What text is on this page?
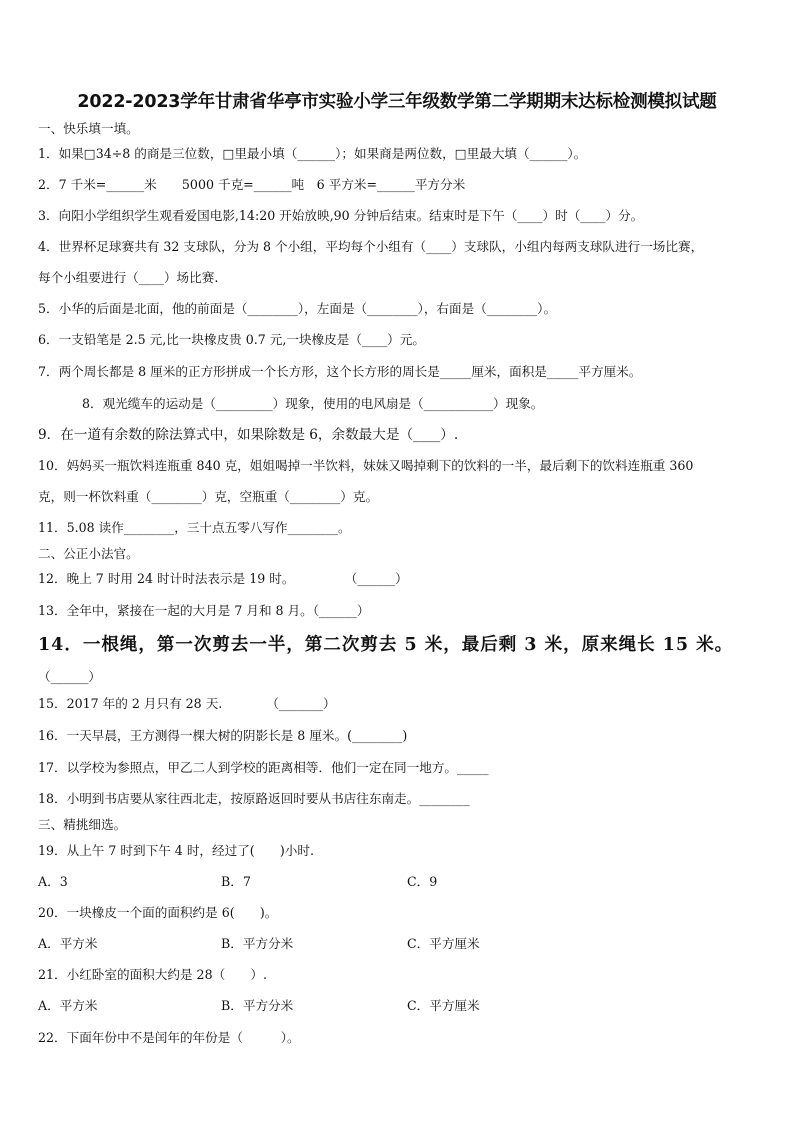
2022-2023学年甘肃省华亭市实验小学三年级数学第二学期期末达标检测模拟试题
一、快乐填一填。
1．如果□34÷8 的商是三位数，□里最小填（______）；如果商是两位数，□里最大填（______）。
2．7 千米=______米　　5000 千克=______吨　6 平方米=______平方分米
3．向阳小学组织学生观看爱国电影,14:20 开始放映,90 分钟后结束。结束时是下午（____）时（____）分。
4．世界杯足球赛共有 32 支球队，分为 8 个小组，平均每个小组有（____）支球队，小组内每两支球队进行一场比赛，
每个小组要进行（____）场比赛.
5．小华的后面是北面，他的前面是（________），左面是（________），右面是（________）。
6．一支铅笔是 2.5 元,比一块橡皮贵 0.7 元,一块橡皮是（____）元。
7．两个周长都是 8 厘米的正方形拼成一个长方形，这个长方形的周长是_____厘米，面积是_____平方厘米。
8．观光缆车的运动是（_________）现象，使用的电风扇是（___________）现象。
9．在一道有余数的除法算式中，如果除数是 6，余数最大是（____）.
10．妈妈买一瓶饮料连瓶重 840 克，姐姐喝掉一半饮料，妹妹又喝掉剩下的饮料的一半，最后剩下的饮料连瓶重 360
克，则一杯饮料重（________）克，空瓶重（________）克。
11．5.08 读作________，三十点五零八写作________。
二、公正小法官。
12．晚上 7 时用 24 时计时法表示是 19 时。　　　　　（______）
13．全年中，紧接在一起的大月是 7 月和 8 月。（______）
14．一根绳，第一次剪去一半，第二次剪去 5 米，最后剩 3 米，原来绳长 15 米。
（______）
15．2017 年的 2 月只有 28 天.　　　　（_______）
16．一天早晨，王方测得一棵大树的阴影长是 8 厘米。(________)
17．以学校为参照点，甲乙二人到学校的距离相等．他们一定在同一地方。_____
18．小明到书店要从家往西北走，按原路返回时要从书店往东南走。________
三、精挑细选。
19．从上午 7 时到下午 4 时，经过了(　　)小时.
A．3	B．7	C．9
20．一块橡皮一个面的面积约是 6(　　)。
A．平方米	B．平方分米	C．平方厘米
21．小红卧室的面积大约是 28（　　）.
A．平方米	B．平方分米	C．平方厘米
22．下面年份中不是闰年的年份是（　　　）。
